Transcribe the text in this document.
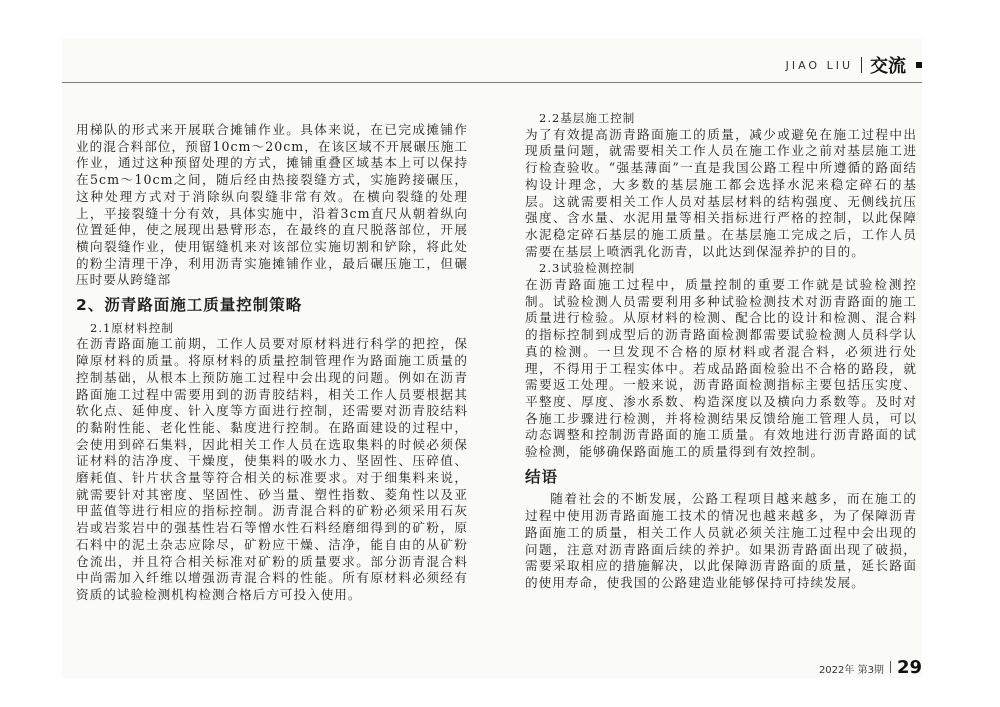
JIAO LIU 交流

用梯队的形式来开展联合摊铺作业。具体来说，在已完成摊铺作业的混合料部位，预留10cm～20cm，在该区域不开展碾压施工作业，通过这种预留处理的方式，摊铺重叠区域基本上可以保持在5cm～10cm之间，随后经由热接裂缝方式，实施跨接碾压，这种处理方式对于消除纵向裂缝非常有效。在横向裂缝的处理上，平接裂缝十分有效，具体实施中，沿着3cm直尺从朝着纵向位置延伸，使之展现出悬臂形态，在最终的直尺脱落部位，开展横向裂缝作业，使用锯缝机来对该部位实施切割和铲除，将此处的粉尘清理干净，利用沥青实施摊铺作业，最后碾压施工，但碾压时要从跨缝部

2、沥青路面施工质量控制策略
2.1原材料控制

在沥青路面施工前期，工作人员要对原材料进行科学的把控，保障原材料的质量。将原材料的质量控制管理作为路面施工质量的控制基础，从根本上预防施工过程中会出现的问题。例如在沥青路面施工过程中需要用到的沥青胶结料，相关工作人员要根据其软化点、延伸度、针入度等方面进行控制，还需要对沥青胶结料的黏附性能、老化性能、黏度进行控制。在路面建设的过程中，会使用到碎石集料，因此相关工作人员在选取集料的时候必须保证材料的洁净度、干燥度，使集料的吸水力、坚固性、压碎值、磨耗值、针片状含量等符合相关的标准要求。对于细集料来说，就需要针对其密度、坚固性、砂当量、塑性指数、菱角性以及亚甲蓝值等进行相应的指标控制。沥青混合料的矿粉必须采用石灰岩或岩浆岩中的强基性岩石等憎水性石料经磨细得到的矿粉，原石料中的泥土杂志应除尽，矿粉应干燥、洁净，能自由的从矿粉仓流出，并且符合相关标准对矿粉的质量要求。部分沥青混合料中尚需加入纤维以增强沥青混合料的性能。所有原材料必须经有资质的试验检测机构检测合格后方可投入使用。

2.2基层施工控制

为了有效提高沥青路面施工的质量，减少或避免在施工过程中出现质量问题，就需要相关工作人员在施工作业之前对基层施工进行检查验收。“强基薄面”一直是我国公路工程中所遵循的路面结构设计理念，大多数的基层施工都会选择水泥来稳定碎石的基层。这就需要相关工作人员对基层材料的结构强度、无侧线抗压强度、含水量、水泥用量等相关指标进行严格的控制，以此保障水泥稳定碎石基层的施工质量。在基层施工完成之后，工作人员需要在基层上喷洒乳化沥青，以此达到保湿养护的目的。

2.3试验检测控制

在沥青路面施工过程中，质量控制的重要工作就是试验检测控制。试验检测人员需要利用多种试验检测技术对沥青路面的施工质量进行检验。从原材料的检测、配合比的设计和检测、混合料的指标控制到成型后的沥青路面检测都需要试验检测人员科学认真的检测。一旦发现不合格的原材料或者混合料，必须进行处理，不得用于工程实体中。若成品路面检验出不合格的路段，就需要返工处理。一般来说，沥青路面检测指标主要包括压实度、平整度、厚度、渗水系数、构造深度以及横向力系数等。及时对各施工步骤进行检测，并将检测结果反馈给施工管理人员，可以动态调整和控制沥青路面的施工质量。有效地进行沥青路面的试验检测，能够确保路面施工的质量得到有效控制。

结语

随着社会的不断发展，公路工程项目越来越多，而在施工的过程中使用沥青路面施工技术的情况也越来越多，为了保障沥青路面施工的质量，相关工作人员就必须关注施工过程中会出现的问题，注意对沥青路面后续的养护。如果沥青路面出现了破损，需要采取相应的措施解决，以此保障沥青路面的质量，延长路面的使用寿命，使我国的公路建造业能够保持可持续发展。

2022年 第3期 29
